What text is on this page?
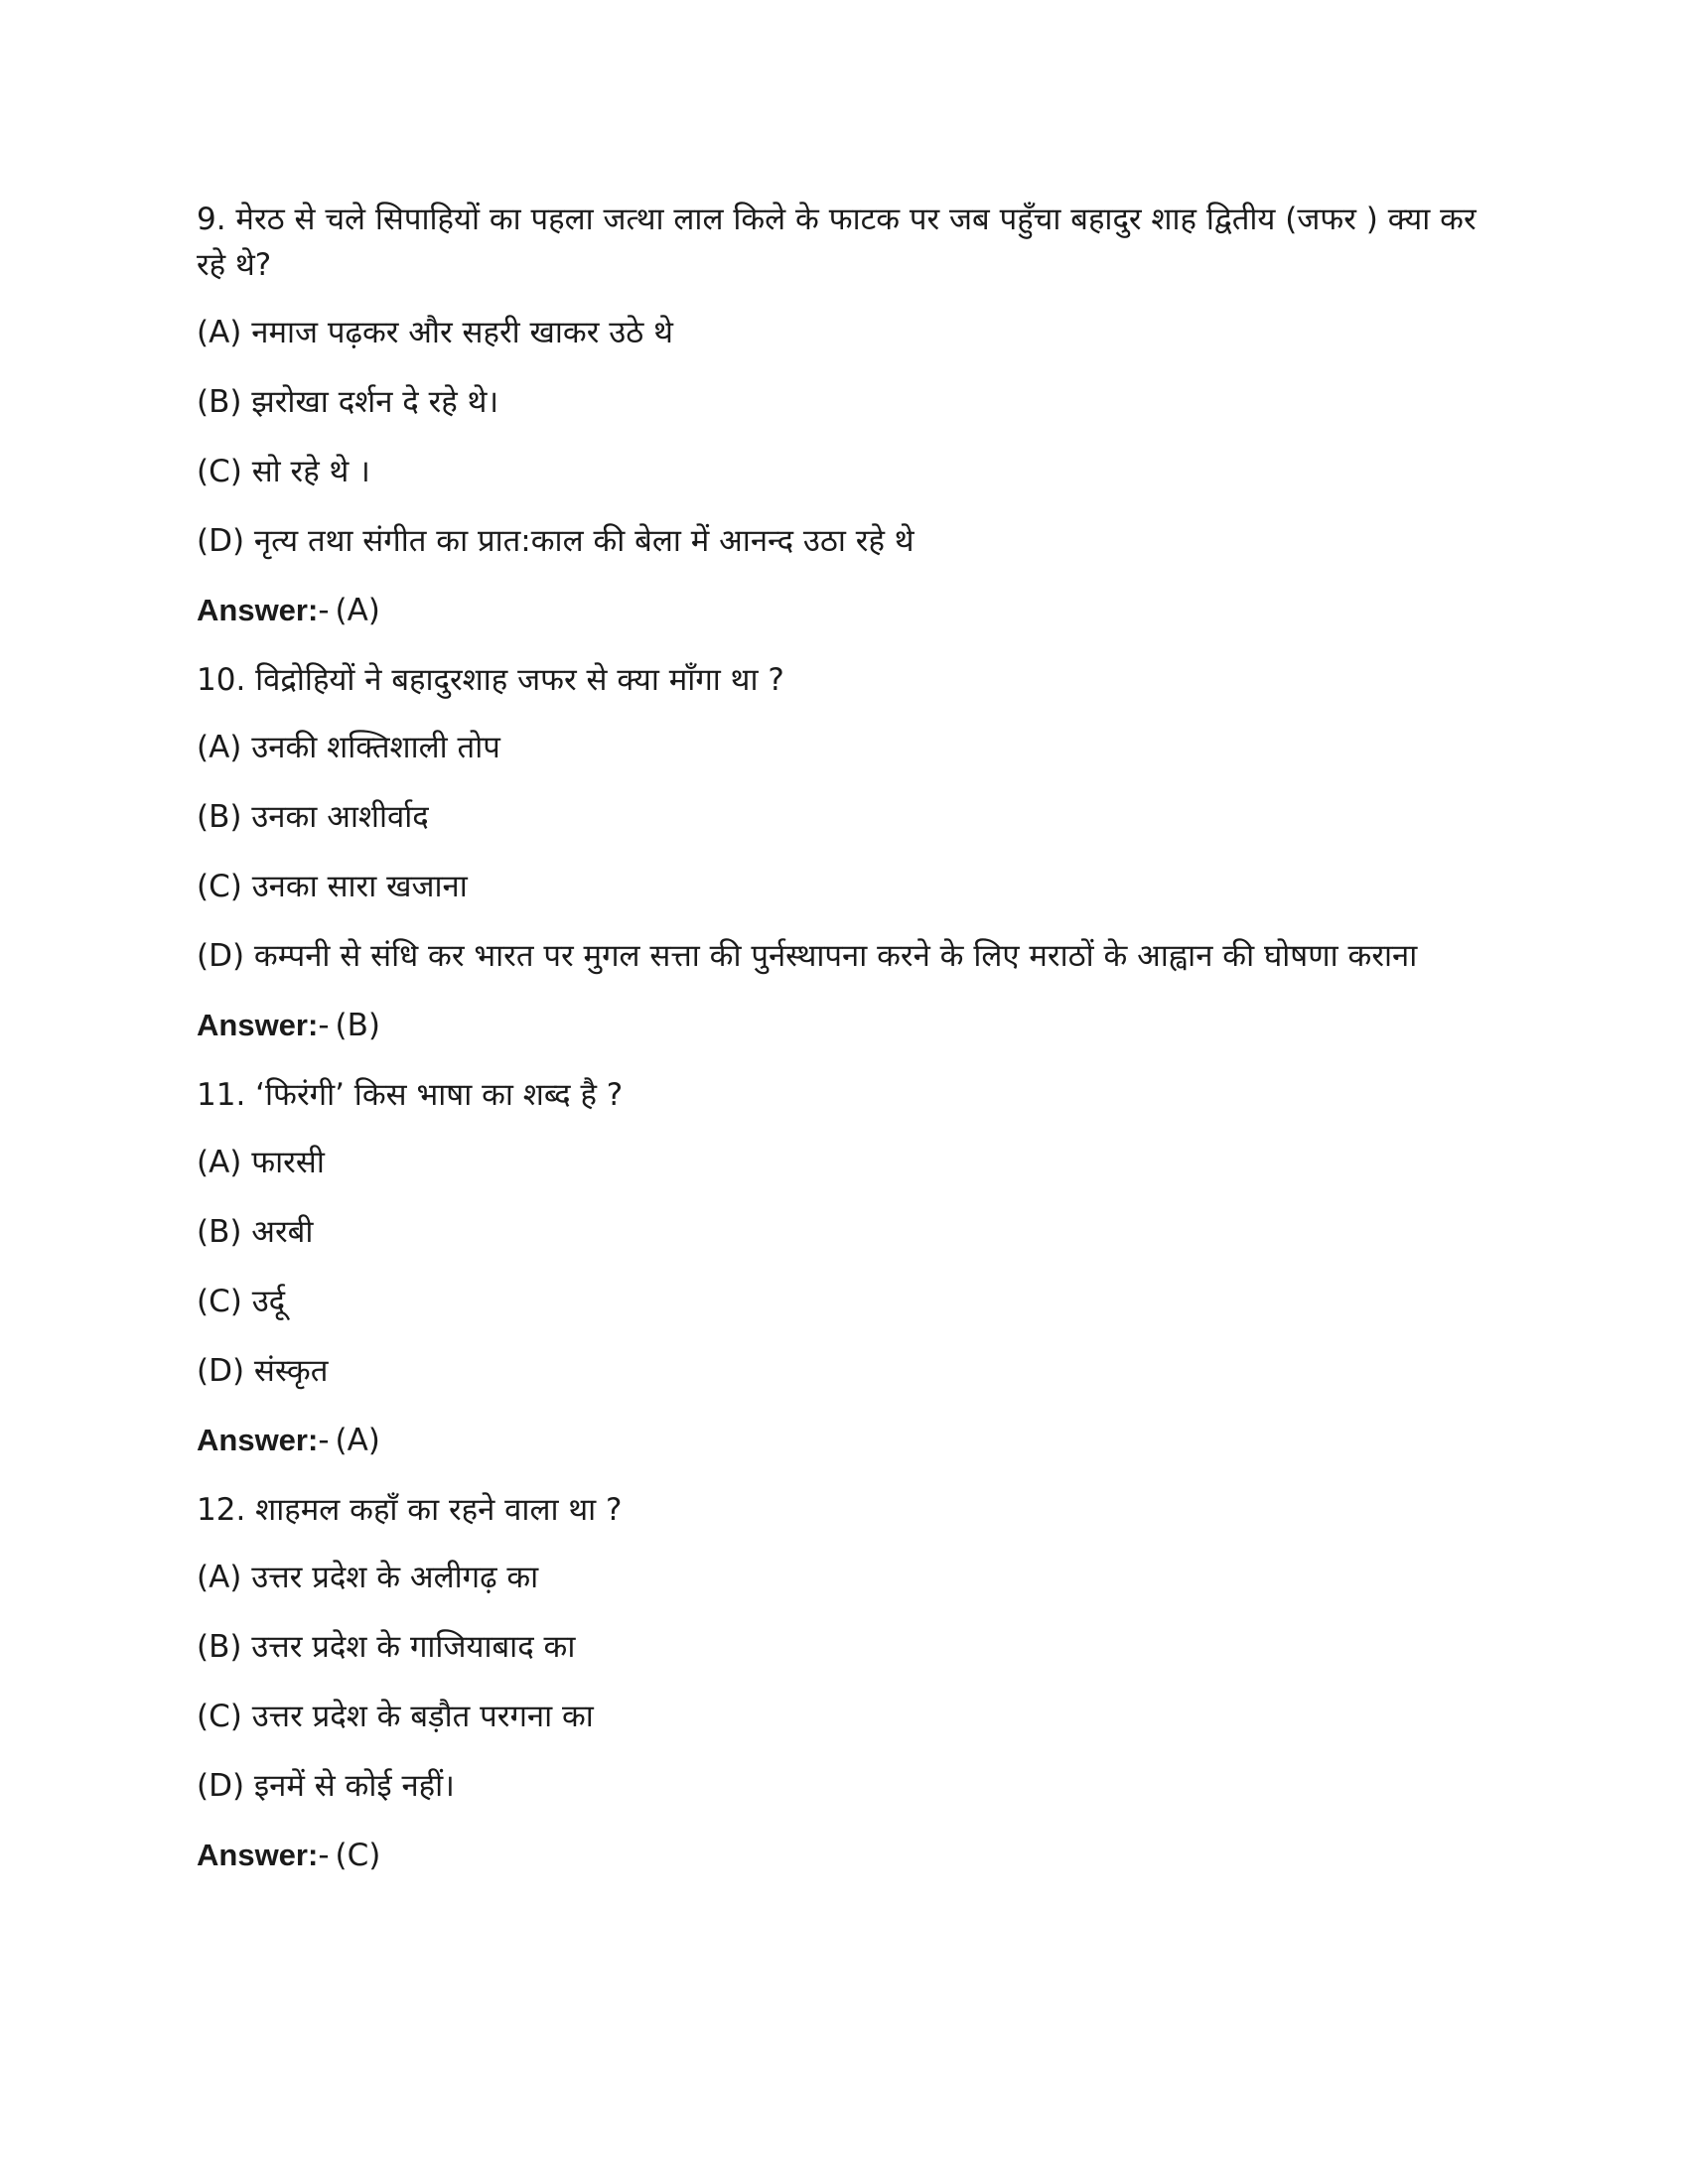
9. मेरठ से चले सिपाहियों का पहला जत्था लाल किले के फाटक पर जब पहुँचा बहादुर शाह द्वितीय (जफर ) क्या कर रहे थे?

(A) नमाज पढ़कर और सहरी खाकर उठे थे

(B) झरोखा दर्शन दे रहे थे।

(C) सो रहे थे ।

(D) नृत्य तथा संगीत का प्रात:काल की बेला में आनन्द उठा रहे थे

Answer:- (A)

10. विद्रोहियों ने बहादुरशाह जफर से क्या माँगा था ?

(A) उनकी शक्तिशाली तोप

(B) उनका आशीर्वाद

(C) उनका सारा खजाना

(D) कम्पनी से संधि कर भारत पर मुगल सत्ता की पुर्नस्थापना करने के लिए मराठों के आह्वान की घोषणा कराना

Answer:- (B)

11. ‘फिरंगी’ किस भाषा का शब्द है ?

(A) फारसी

(B) अरबी

(C) उर्दू

(D) संस्कृत

Answer:- (A)

12. शाहमल कहाँ का रहने वाला था ?

(A) उत्तर प्रदेश के अलीगढ़ का

(B) उत्तर प्रदेश के गाजियाबाद का

(C) उत्तर प्रदेश के बड़ौत परगना का

(D) इनमें से कोई नहीं।

Answer:- (C)
